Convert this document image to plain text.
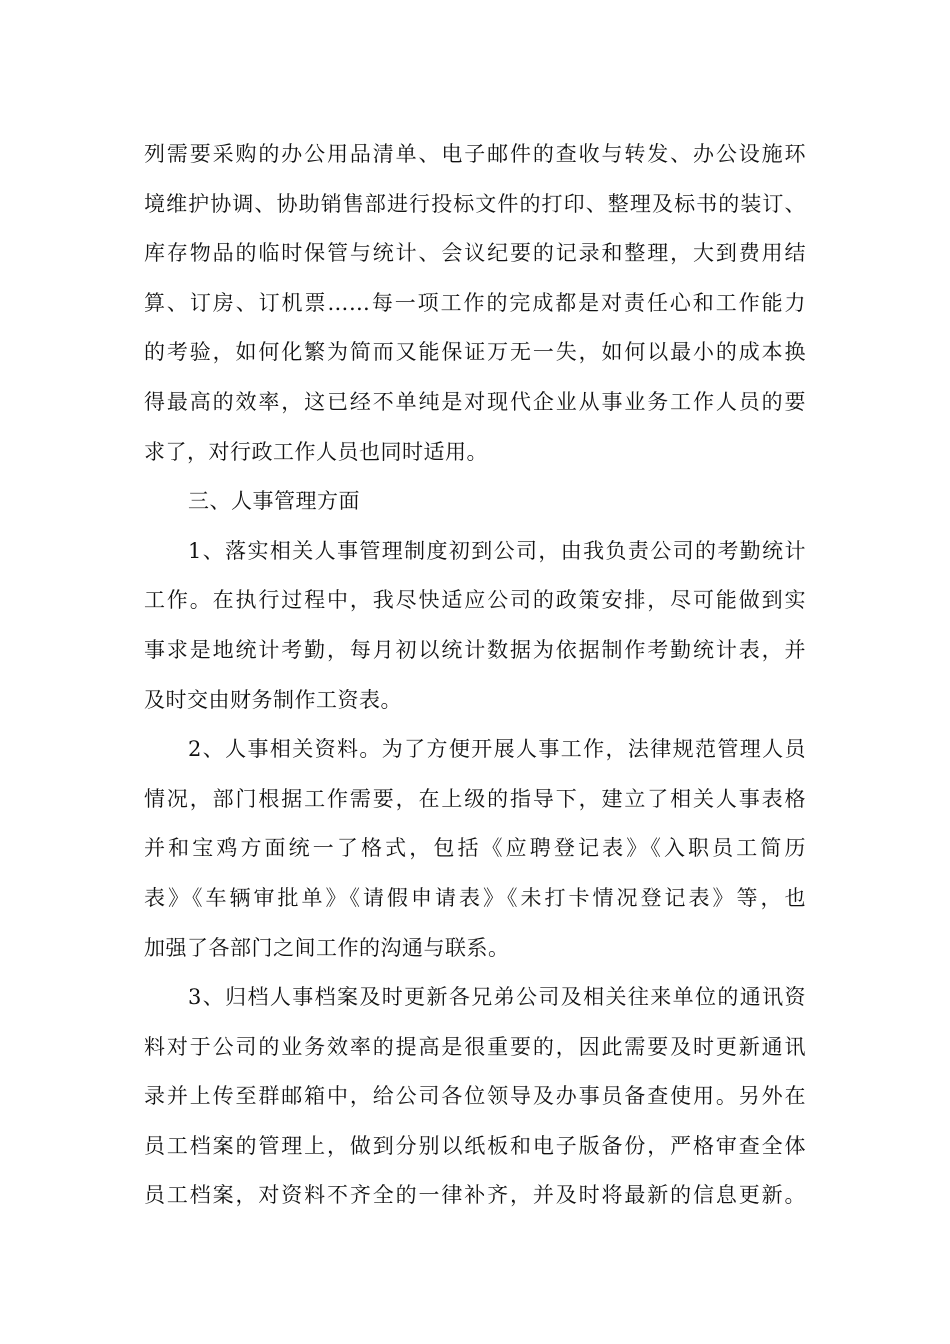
列需要采购的办公用品清单、电子邮件的查收与转发、办公设施环
境维护协调、协助销售部进行投标文件的打印、整理及标书的装订、
库存物品的临时保管与统计、会议纪要的记录和整理，大到费用结
算、订房、订机票……每一项工作的完成都是对责任心和工作能力
的考验，如何化繁为简而又能保证万无一失，如何以最小的成本换
得最高的效率，这已经不单纯是对现代企业从事业务工作人员的要
求了，对行政工作人员也同时适用。
三、人事管理方面
1、落实相关人事管理制度初到公司，由我负责公司的考勤统计
工作。在执行过程中，我尽快适应公司的政策安排，尽可能做到实
事求是地统计考勤，每月初以统计数据为依据制作考勤统计表，并
及时交由财务制作工资表。
2、人事相关资料。为了方便开展人事工作，法律规范管理人员
情况，部门根据工作需要，在上级的指导下，建立了相关人事表格
并和宝鸡方面统一了格式，包括《应聘登记表》《入职员工简历
表》《车辆审批单》《请假申请表》《未打卡情况登记表》等，也
加强了各部门之间工作的沟通与联系。
3、归档人事档案及时更新各兄弟公司及相关往来单位的通讯资
料对于公司的业务效率的提高是很重要的，因此需要及时更新通讯
录并上传至群邮箱中，给公司各位领导及办事员备查使用。另外在
员工档案的管理上，做到分别以纸板和电子版备份，严格审查全体
员工档案，对资料不齐全的一律补齐，并及时将最新的信息更新。
